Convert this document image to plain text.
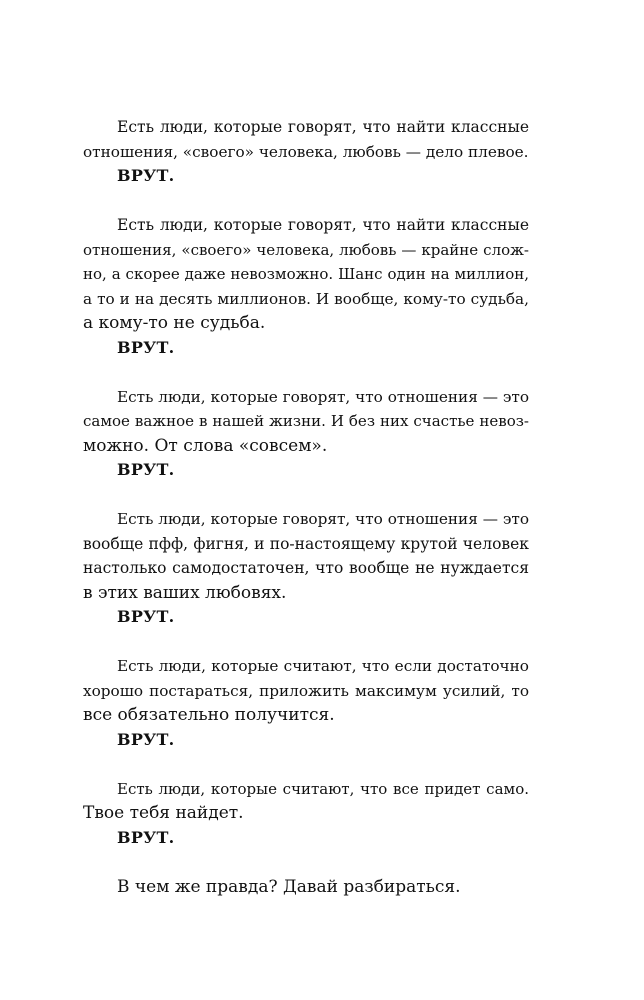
Есть люди, которые говорят, что найти классные
отношения, «своего» человека, любовь — дело плевое.

ВРУТ.

Есть люди, которые говорят, что найти классные
отношения, «своего» человека, любовь — крайне слож-
но, а скорее даже невозможно. Шанс один на миллион,
а то и на десять миллионов. И вообще, кому-то судьба,
а кому-то не судьба.

ВРУТ.

Есть люди, которые говорят, что отношения — это
самое важное в нашей жизни. И без них счастье невоз-
можно. От слова «совсем».

ВРУТ.

Есть люди, которые говорят, что отношения — это
вообще пфф, фигня, и по-настоящему крутой человек
настолько самодостаточен, что вообще не нуждается
в этих ваших любовях.

ВРУТ.

Есть люди, которые считают, что если достаточно
хорошо постараться, приложить максимум усилий, то
все обязательно получится.

ВРУТ.

Есть люди, которые считают, что все придет само.
Твое тебя найдет.

ВРУТ.

В чем же правда? Давай разбираться.
